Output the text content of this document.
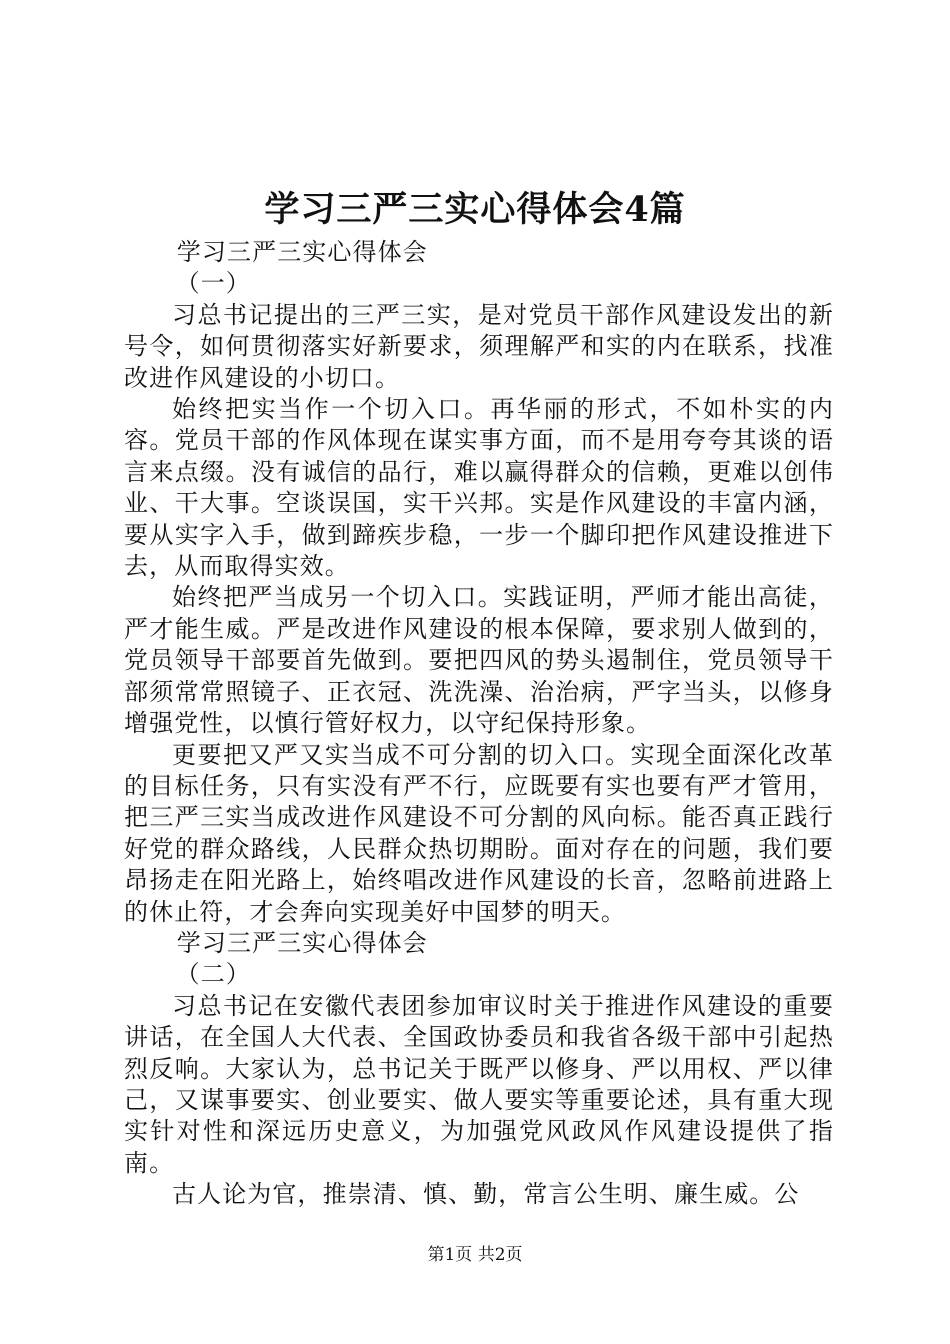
学习三严三实心得体会4篇

学习三严三实心得体会

（一）

习总书记提出的三严三实，是对党员干部作风建设发出的新号令，如何贯彻落实好新要求，须理解严和实的内在联系，找准改进作风建设的小切口。

始终把实当作一个切入口。再华丽的形式，不如朴实的内容。党员干部的作风体现在谋实事方面，而不是用夸夸其谈的语言来点缀。没有诚信的品行，难以赢得群众的信赖，更难以创伟业、干大事。空谈误国，实干兴邦。实是作风建设的丰富内涵，要从实字入手，做到蹄疾步稳，一步一个脚印把作风建设推进下去，从而取得实效。

始终把严当成另一个切入口。实践证明，严师才能出高徒，严才能生威。严是改进作风建设的根本保障，要求别人做到的，党员领导干部要首先做到。要把四风的势头遏制住，党员领导干部须常常照镜子、正衣冠、洗洗澡、治治病，严字当头，以修身增强党性，以慎行管好权力，以守纪保持形象。

更要把又严又实当成不可分割的切入口。实现全面深化改革的目标任务，只有实没有严不行，应既要有实也要有严才管用，把三严三实当成改进作风建设不可分割的风向标。能否真正践行好党的群众路线，人民群众热切期盼。面对存在的问题，我们要昂扬走在阳光路上，始终唱改进作风建设的长音，忽略前进路上的休止符，才会奔向实现美好中国梦的明天。

学习三严三实心得体会

（二）

习总书记在安徽代表团参加审议时关于推进作风建设的重要讲话，在全国人大代表、全国政协委员和我省各级干部中引起热烈反响。大家认为，总书记关于既严以修身、严以用权、严以律己，又谋事要实、创业要实、做人要实等重要论述，具有重大现实针对性和深远历史意义，为加强党风政风作风建设提供了指南。

古人论为官，推崇清、慎、勤，常言公生明、廉生威。公

第1页 共2页
